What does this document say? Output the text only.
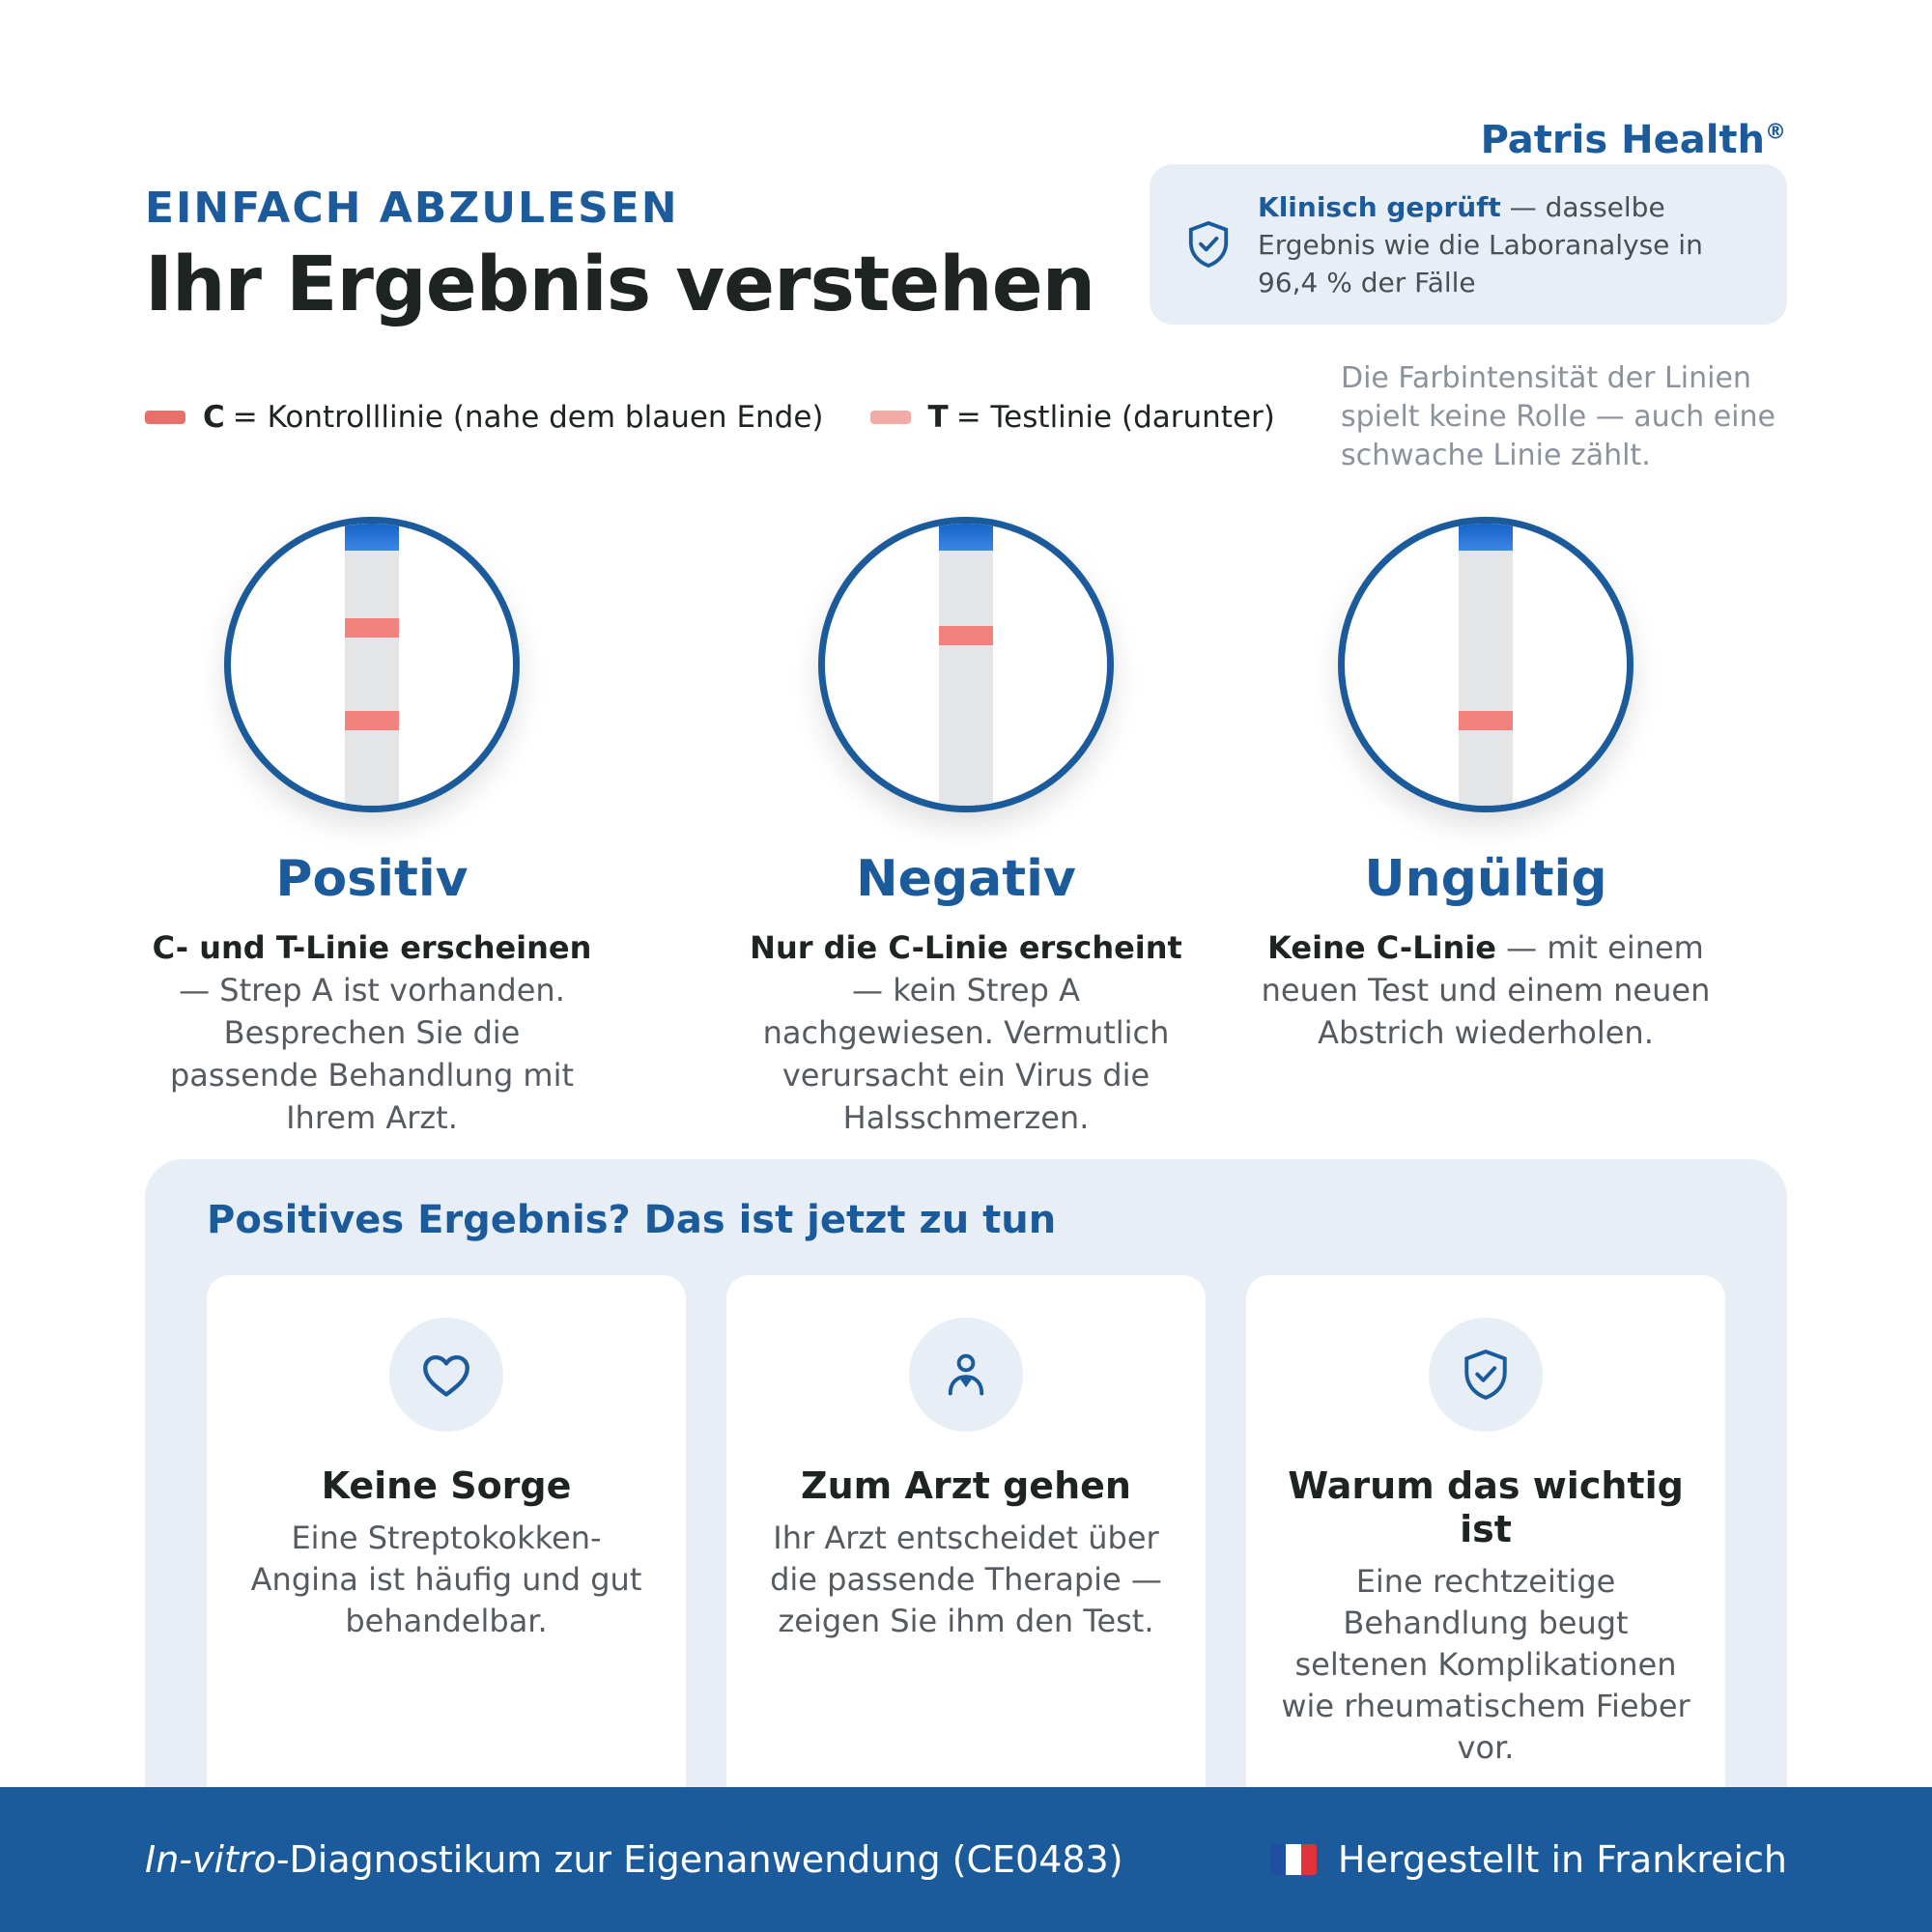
Patris Health®
EINFACH ABZULESEN
Ihr Ergebnis verstehen
Klinisch geprüft — dasselbe Ergebnis wie die Laboranalyse in 96,4 % der Fälle
C = Kontrolllinie (nahe dem blauen Ende)	T = Testlinie (darunter)
Die Farbintensität der Linien spielt keine Rolle — auch eine schwache Linie zählt.
Positiv
C- und T-Linie erscheinen — Strep A ist vorhanden. Besprechen Sie die passende Behandlung mit Ihrem Arzt.
Negativ
Nur die C-Linie erscheint — kein Strep A nachgewiesen. Vermutlich verursacht ein Virus die Halsschmerzen.
Ungültig
Keine C-Linie — mit einem neuen Test und einem neuen Abstrich wiederholen.
Positives Ergebnis? Das ist jetzt zu tun
Keine Sorge

Eine Streptokokken-Angina ist häufig und gut behandelbar.

Zum Arzt gehen

Ihr Arzt entscheidet über die passende Therapie — zeigen Sie ihm den Test.

Warum das wichtig ist

Eine rechtzeitige Behandlung beugt seltenen Komplikationen wie rheumatischem Fieber vor.

In-vitro-Diagnostikum zur Eigenanwendung (CE0483)	Hergestellt in Frankreich
